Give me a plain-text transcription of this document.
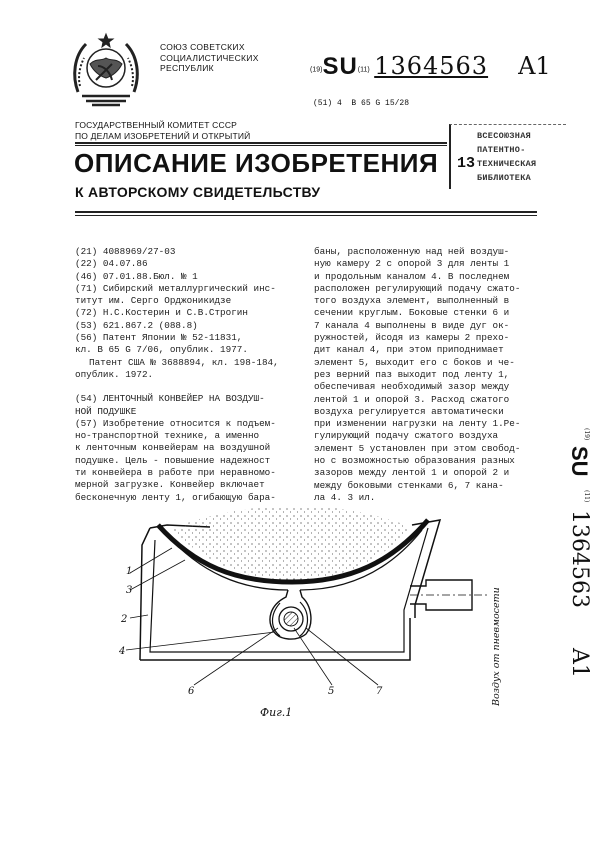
СОЮЗ СОВЕТСКИХ
СОЦИАЛИСТИЧЕСКИХ
РЕСПУБЛИК	(19)SU(11) 1364563 A1
(51) 4 B 65 G 15/28
ГОСУДАРСТВЕННЫЙ КОМИТЕТ СССР
ПО ДЕЛАМ ИЗОБРЕТЕНИЙ И ОТКРЫТИЙ
13
ВСЕСОЮЗНАЯ
ПАТЕНТНО-
ТЕХНИЧЕСКАЯ
БИБЛИОТЕКА
ОПИСАНИЕ ИЗОБРЕТЕНИЯ
К АВТОРСКОМУ СВИДЕТЕЛЬСТВУ
(21) 4088969/27-03
(22) 04.07.86
(46) 07.01.88.Бюл. № 1
(71) Сибирский металлургический инс-
титут им. Серго Орджоникидзе
(72) Н.С.Костерин и С.В.Строгин
(53) 621.867.2 (088.8)
(56) Патент Японии № 52-11831,
кл. В 65 G 7/06, опублик. 1977.
Патент США № 3688894, кл. 198-184,
опублик. 1972.
(54) ЛЕНТОЧНЫЙ КОНВЕЙЕР НА ВОЗДУШ-
НОЙ ПОДУШКЕ
(57) Изобретение относится к подъем-
но-транспортной технике, а именно
к ленточным конвейерам на воздушной
подушке. Цель - повышение надежност
ти конвейера в работе при неравномо-
мерной загрузке. Конвейер включает
бесконечную ленту 1, огибающую бара-
баны, расположенную над ней воздуш-
ную камеру 2 с опорой 3 для ленты 1
и продольным каналом 4. В последнем
расположен регулирующий подачу сжато-
того воздуха элемент, выполненный в
сечении круглым. Боковые стенки 6 и
7 канала 4 выполнены в виде дуг ок-
ружностей, йсодя из камеры 2 прехо-
дит канал 4, при этом приподнимает
элемент 5, выходит его с боков и че-
рез верний паз выходит под ленту 1,
обеспечивая необходимый зазор между
лентой 1 и опорой 3. Расход сжатого
воздуха регулируется автоматически
при изменении нагрузки на ленту 1.Ре-
гулирующий подачу сжатого воздуха
элемент 5 установлен при этом свобод-
но с возможностью образования разных
зазоров между лентой 1 и опорой 2 и
между боковыми стенками 6, 7 кана-
ла 4. 3 ил.
(19)
SU
(11)
1364563
A1
1
3
2
4
6	5	7	Воздух от пневмосети
Фиг.1
